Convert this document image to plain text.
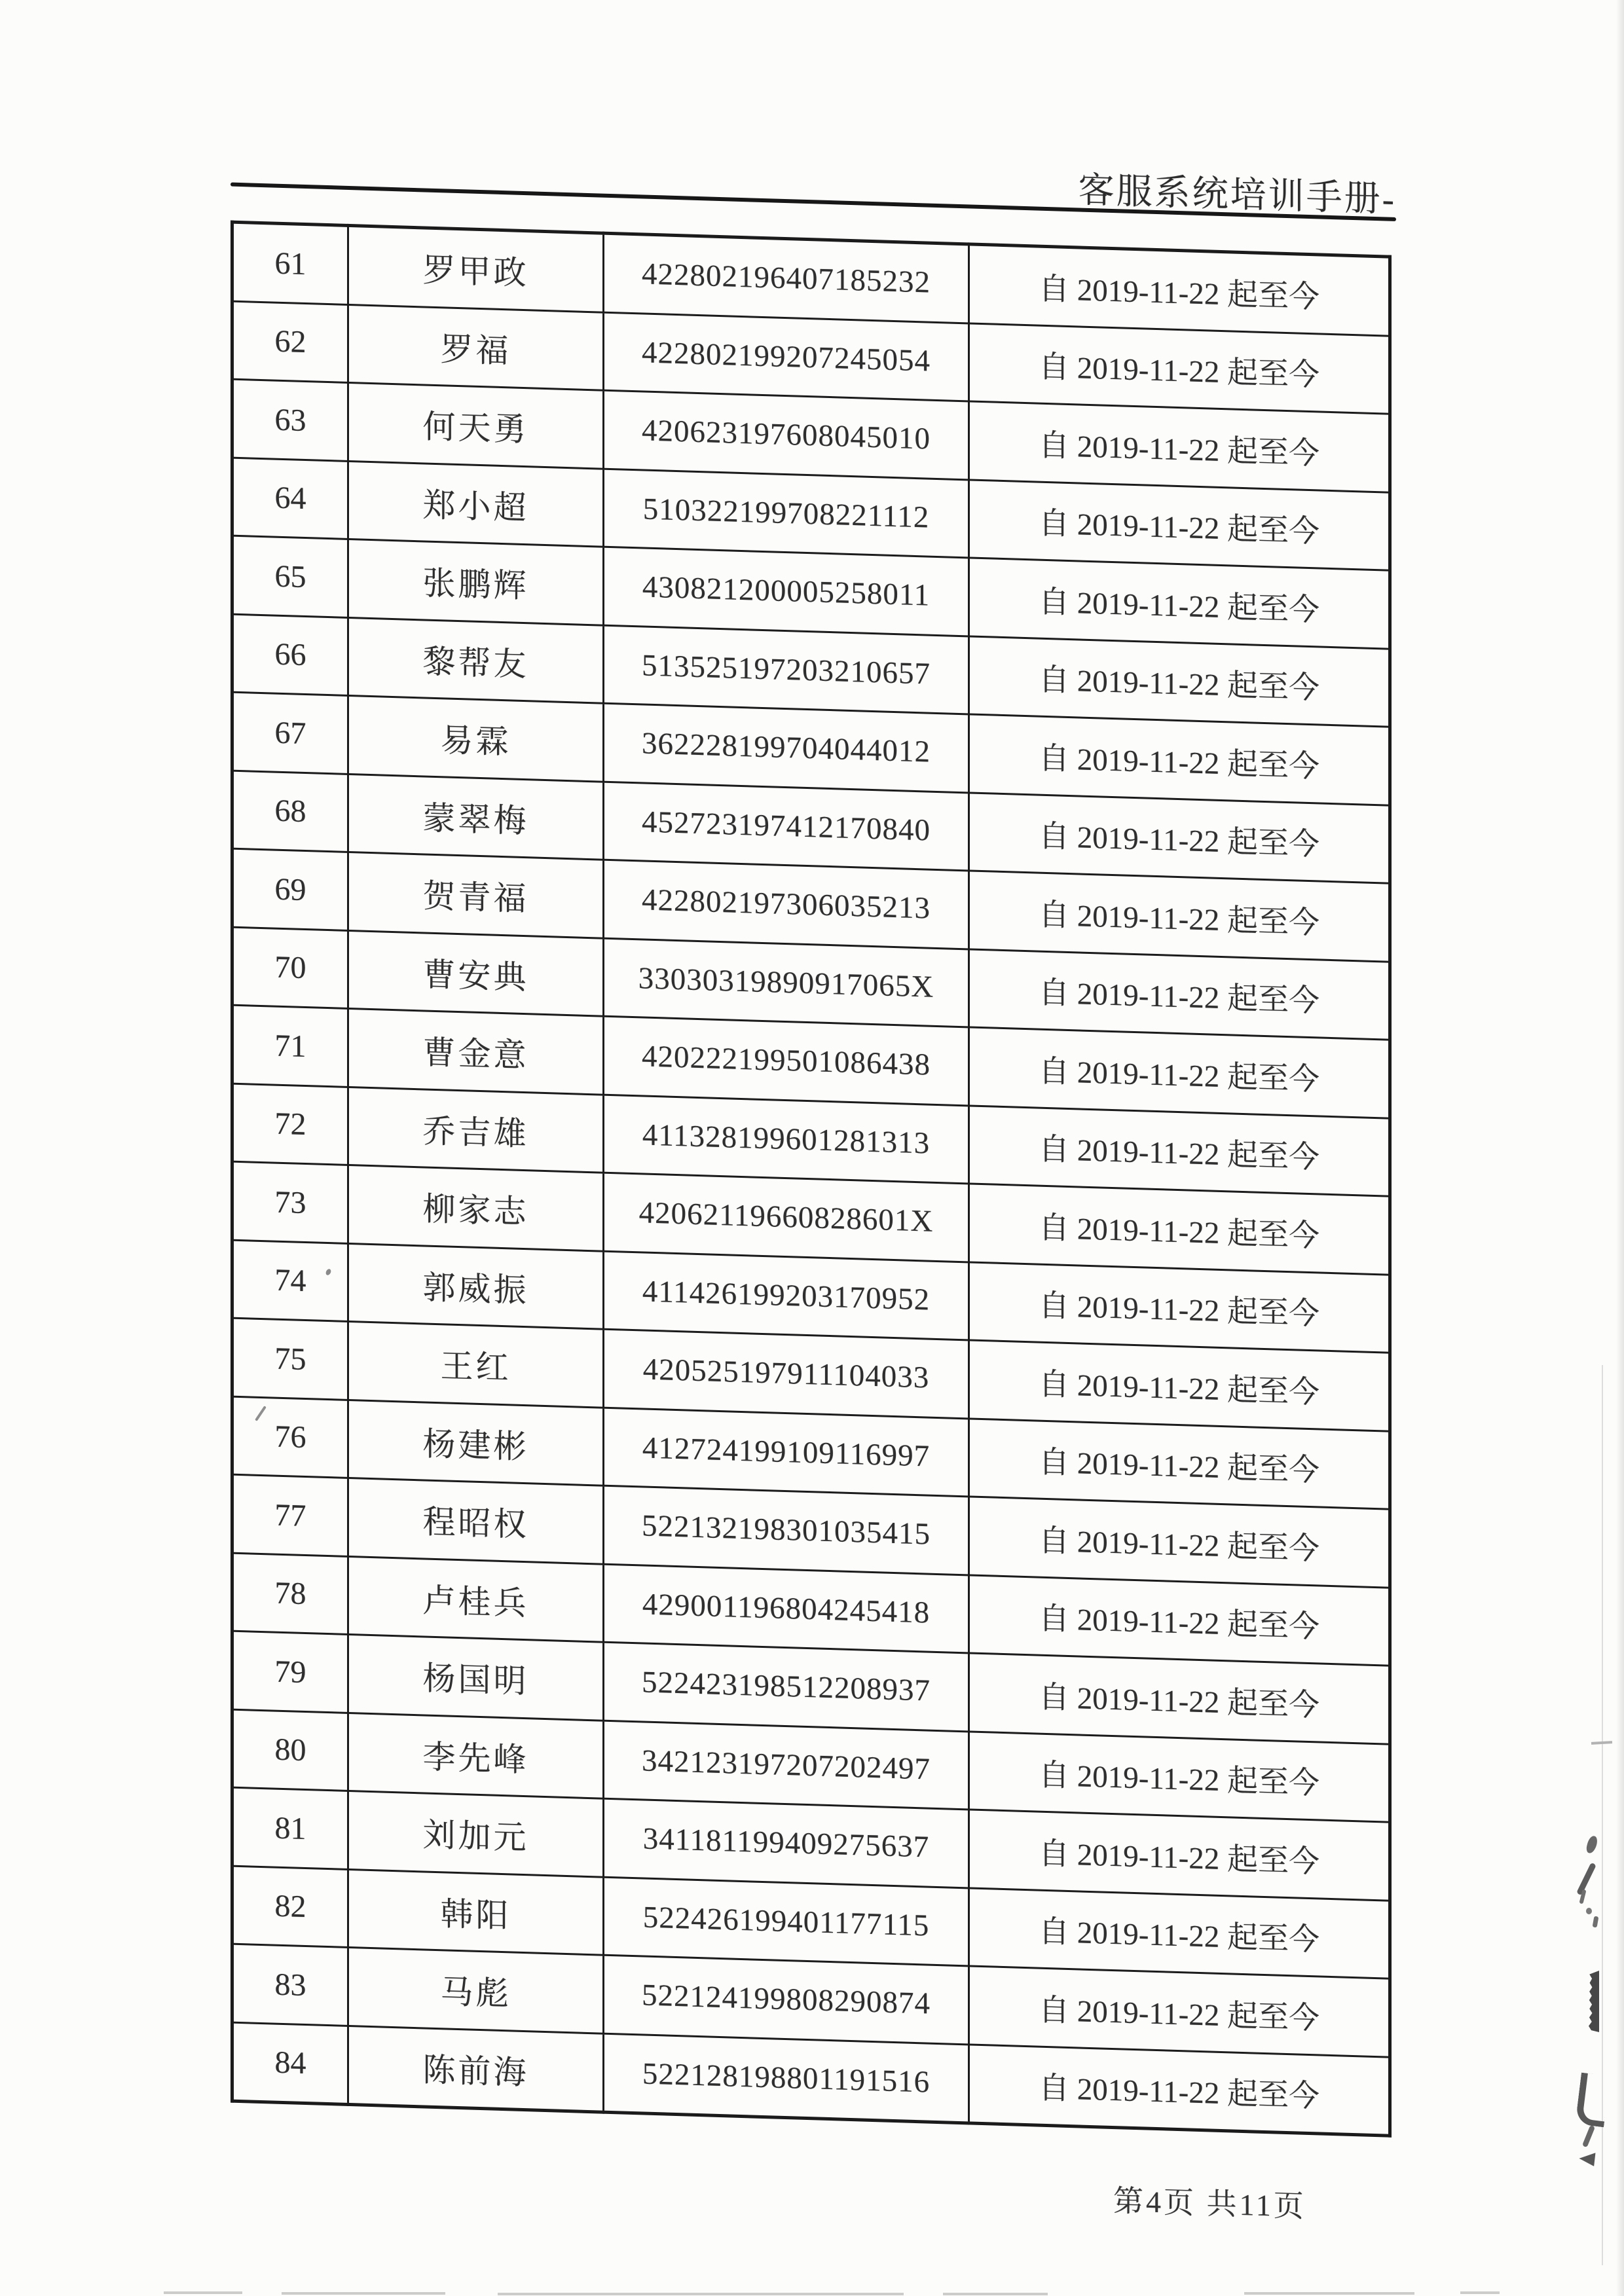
客服系统培训手册-
61	罗甲政	422802196407185232	自 2019-11-22 起至今
62	罗福	422802199207245054	自 2019-11-22 起至今
63	何天勇	420623197608045010	自 2019-11-22 起至今
64	郑小超	510322199708221112	自 2019-11-22 起至今
65	张鹏辉	430821200005258011	自 2019-11-22 起至今
66	黎帮友	513525197203210657	自 2019-11-22 起至今
67	易霖	362228199704044012	自 2019-11-22 起至今
68	蒙翠梅	452723197412170840	自 2019-11-22 起至今
69	贺青福	422802197306035213	自 2019-11-22 起至今
70	曹安典	33030319890917065X	自 2019-11-22 起至今
71	曹金意	420222199501086438	自 2019-11-22 起至今
72	乔吉雄	411328199601281313	自 2019-11-22 起至今
73	柳家志	42062119660828601X	自 2019-11-22 起至今
74	郭威振	411426199203170952	自 2019-11-22 起至今
75	王红	420525197911104033	自 2019-11-22 起至今
76	杨建彬	412724199109116997	自 2019-11-22 起至今
77	程昭权	522132198301035415	自 2019-11-22 起至今
78	卢桂兵	429001196804245418	自 2019-11-22 起至今
79	杨国明	522423198512208937	自 2019-11-22 起至今
80	李先峰	342123197207202497	自 2019-11-22 起至今
81	刘加元	341181199409275637	自 2019-11-22 起至今
82	韩阳	522426199401177115	自 2019-11-22 起至今
83	马彪	522124199808290874	自 2019-11-22 起至今
84	陈前海	522128198801191516	自 2019-11-22 起至今
第4页 共11页
